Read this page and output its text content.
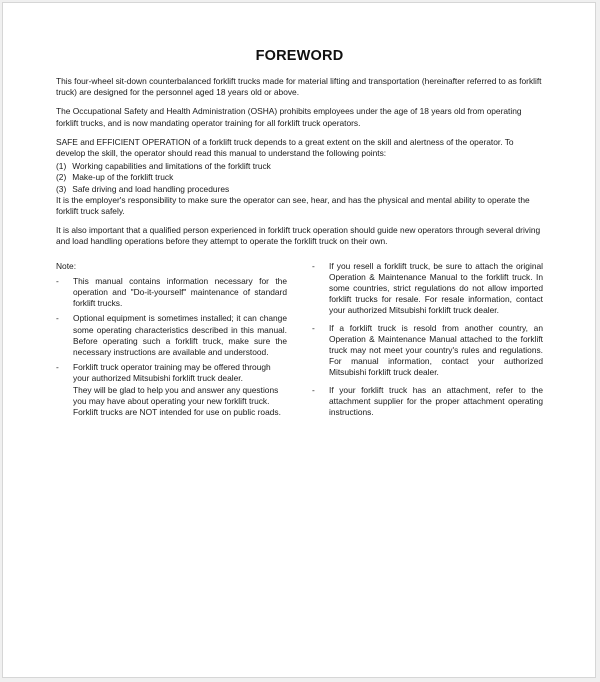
FOREWORD

This four-wheel sit-down counterbalanced forklift trucks made for material lifting and transportation (hereinafter referred to as forklift truck) are designed for the personnel aged 18 years old or above.

The Occupational Safety and Health Administration (OSHA) prohibits employees under the age of 18 years old from operating forklift trucks, and is now mandating operator training for all forklift truck operators.

SAFE and EFFICIENT OPERATION of a forklift truck depends to a great extent on the skill and alertness of the operator. To develop the skill, the operator should read this manual to understand the following points:

(1) Working capabilities and limitations of the forklift truck
(2) Make-up of the forklift truck
(3) Safe driving and load handling procedures

It is the employer's responsibility to make sure the operator can see, hear, and has the physical and mental ability to operate the forklift truck safely.

It is also important that a qualified person experienced in forklift truck operation should guide new operators through several driving and load handling operations before they attempt to operate the forklift truck on their own.

Note:
-	This manual contains information necessary for the operation and "Do-it-yourself" maintenance of standard forklift trucks.
-	Optional equipment is sometimes installed; it can change some operating characteristics described in this manual. Before operating such a forklift truck, make sure the necessary instructions are available and understood.
-	Forklift truck operator training may be offered through your authorized Mitsubishi forklift truck dealer.
They will be glad to help you and answer any questions you may have about operating your new forklift truck.
Forklift trucks are NOT intended for use on public roads.
-	If you resell a forklift truck, be sure to attach the original Operation & Maintenance Manual to the forklift truck. In some countries, strict regulations do not allow imported forklift trucks for resale. For resale information, contact your authorized Mitsubishi forklift truck dealer.
-	If a forklift truck is resold from another country, an Operation & Maintenance Manual attached to the forklift truck may not meet your country's rules and regulations. For manual information, contact your authorized Mitsubishi forklift truck dealer.
-	If your forklift truck has an attachment, refer to the attachment supplier for the proper attachment operating instructions.
